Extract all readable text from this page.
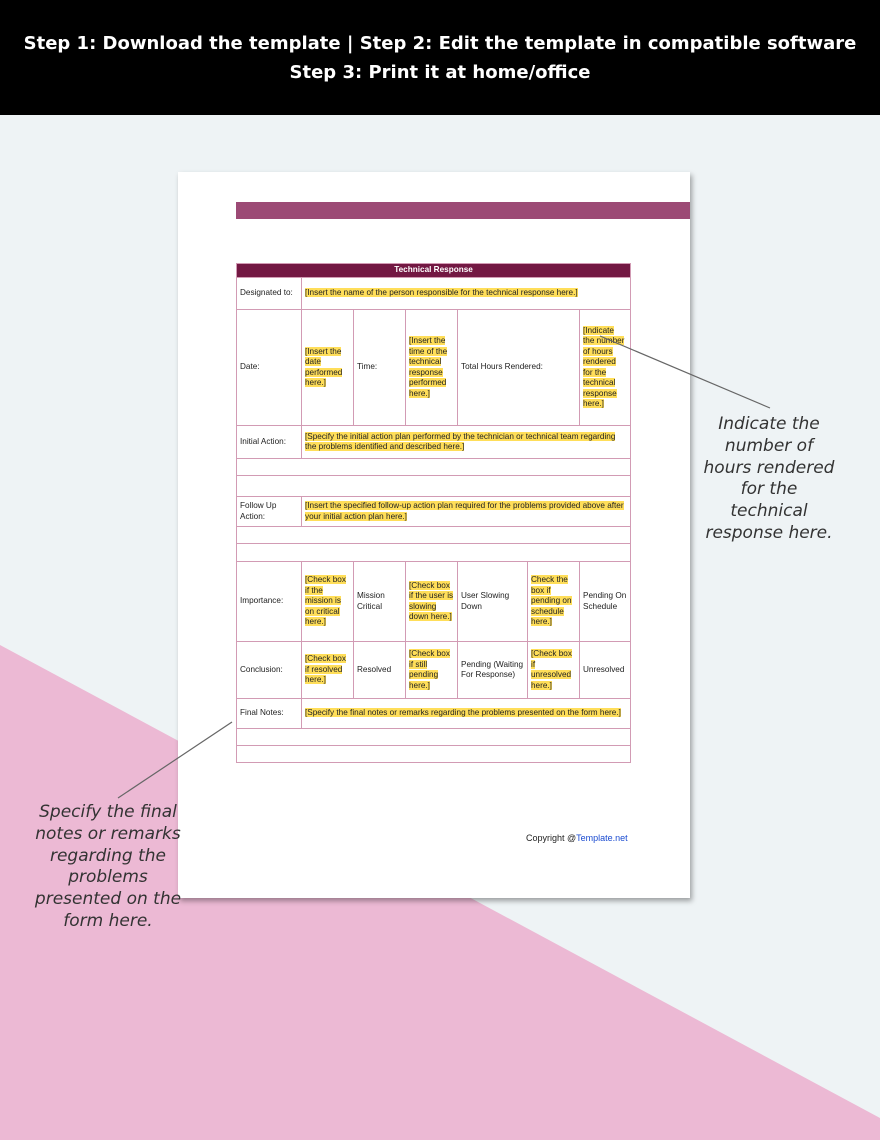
Step 1: Download the template | Step 2: Edit the template in compatible software
Step 3: Print it at home/office
Technical Response						
Designated to:	[Insert the name of the person responsible for the technical response here.]					
Date:	[Insert the date performed here.]	Time:	[Insert the time of the technical response performed here.]	Total Hours Rendered:		[Indicate the number of hours rendered for the technical response here.]
Initial Action:	[Specify the initial action plan performed by the technician or technical team regarding the problems identified and described here.]					

Follow Up Action:	[Insert the specified follow-up action plan required for the problems provided above after your initial action plan here.]					

Importance:	[Check box if the mission is on critical here.]	Mission Critical	[Check box if the user is slowing down here.]	User Slowing Down	Check the box if pending on schedule here.]	Pending On Schedule
Conclusion:	[Check box if resolved here.]	Resolved	[Check box if still pending here.]	Pending (Waiting For Response)	[Check box if unresolved here.]	Unresolved
Final Notes:	[Specify the final notes or remarks regarding the problems presented on the form here.]					

Copyright @Template.net
Indicate the number of hours rendered for the technical response here.
Specify the final notes or remarks regarding the problems presented on the form here.
